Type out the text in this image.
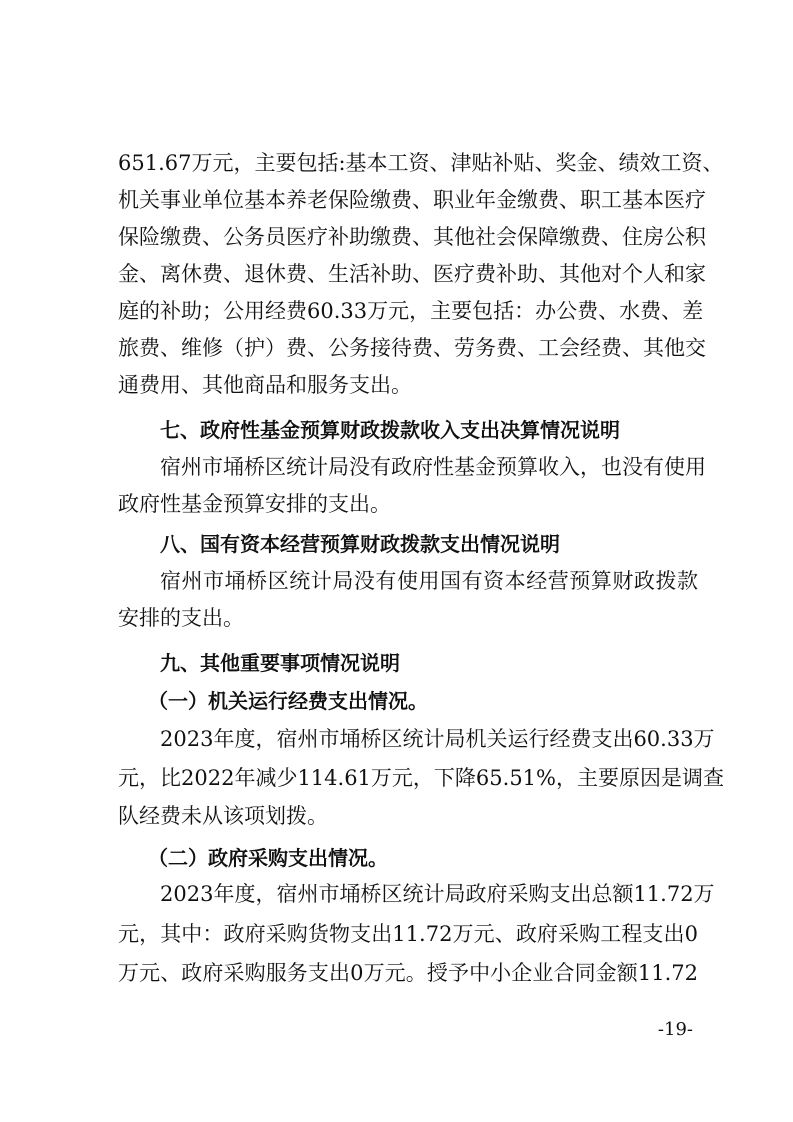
651.67万元，主要包括:基本工资、津贴补贴、奖金、绩效工资、
机关事业单位基本养老保险缴费、职业年金缴费、职工基本医疗
保险缴费、公务员医疗补助缴费、其他社会保障缴费、住房公积
金、离休费、退休费、生活补助、医疗费补助、其他对个人和家
庭的补助；公用经费60.33万元，主要包括：办公费、水费、差
旅费、维修（护）费、公务接待费、劳务费、工会经费、其他交
通费用、其他商品和服务支出。
七、政府性基金预算财政拨款收入支出决算情况说明
宿州市埇桥区统计局没有政府性基金预算收入，也没有使用
政府性基金预算安排的支出。
八、国有资本经营预算财政拨款支出情况说明
宿州市埇桥区统计局没有使用国有资本经营预算财政拨款
安排的支出。
九、其他重要事项情况说明
（一）机关运行经费支出情况。
2023年度，宿州市埇桥区统计局机关运行经费支出60.33万
元，比2022年减少114.61万元，下降65.51%，主要原因是调查
队经费未从该项划拨。
（二）政府采购支出情况。
2023年度，宿州市埇桥区统计局政府采购支出总额11.72万
元，其中：政府采购货物支出11.72万元、政府采购工程支出0
万元、政府采购服务支出0万元。授予中小企业合同金额11.72
-19-
